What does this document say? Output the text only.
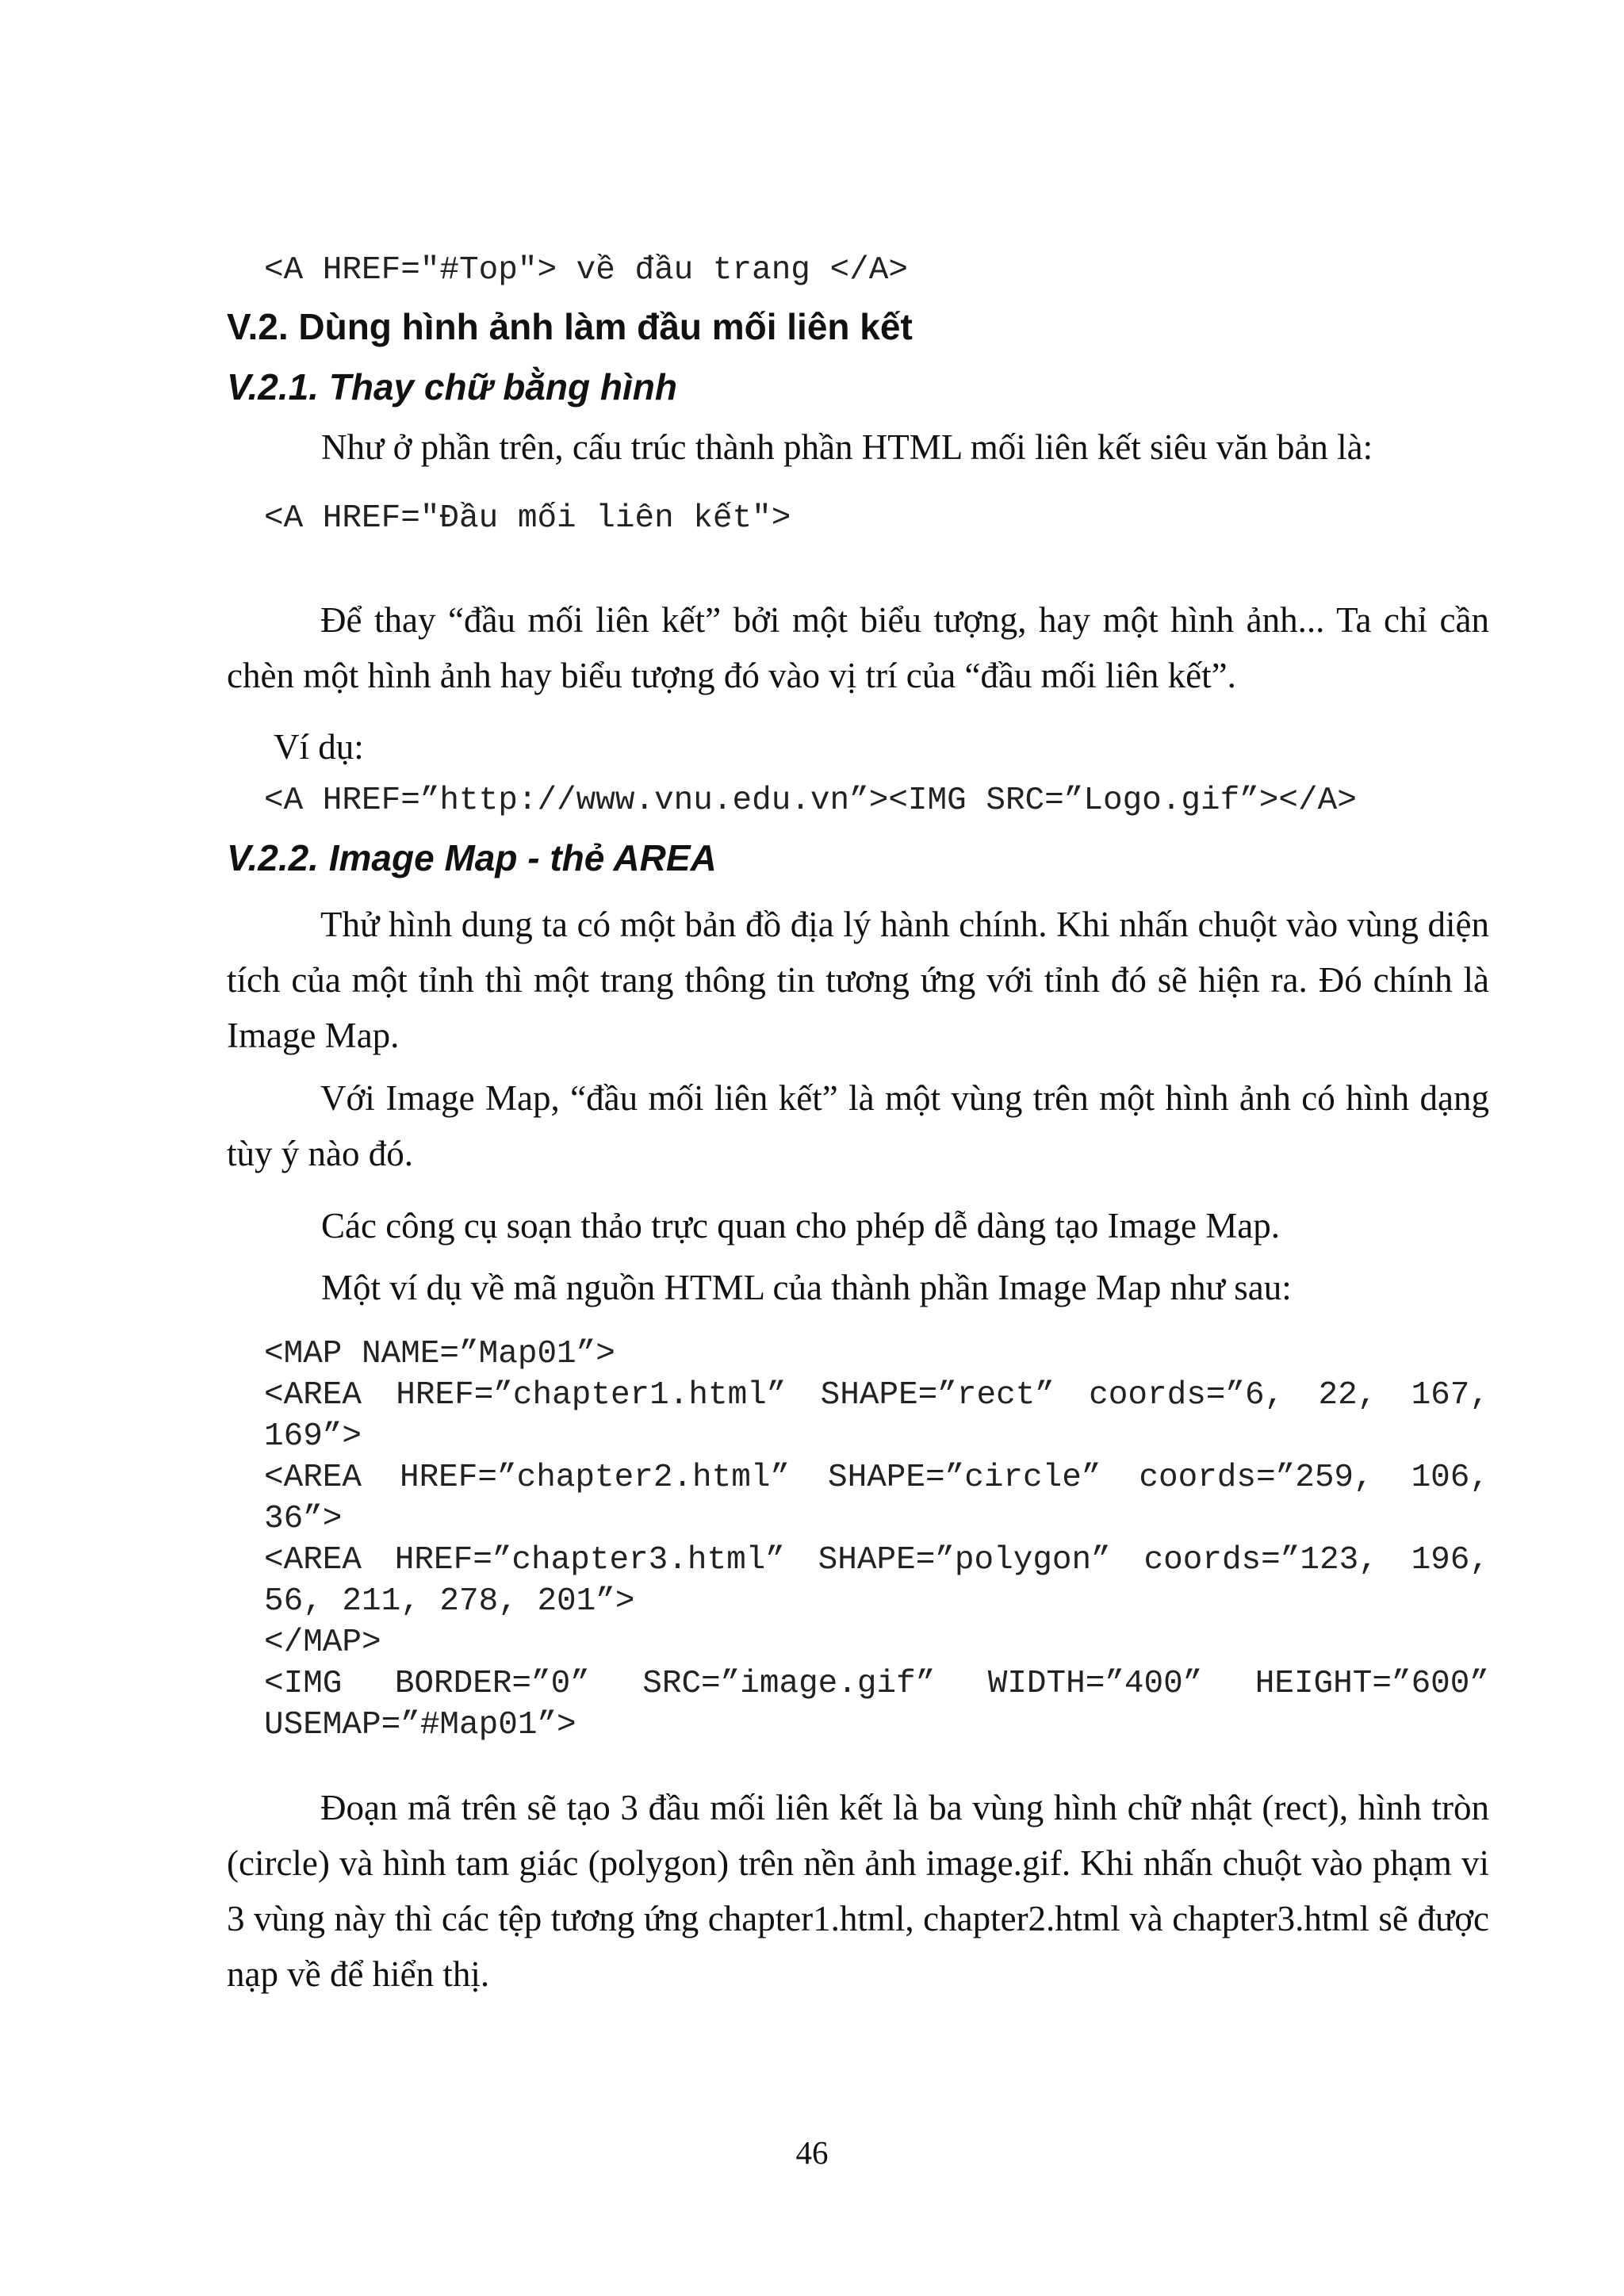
<A HREF="#Top"> về đầu trang </A>
V.2. Dùng hình ảnh làm đầu mối liên kết
V.2.1. Thay chữ bằng hình
Như ở phần trên, cấu trúc thành phần HTML mối liên kết siêu văn bản là:
<A HREF="Đầu mối liên kết">
Để thay “đầu mối liên kết” bởi một biểu tượng, hay một hình ảnh... Ta chỉ cần chèn một hình ảnh hay biểu tượng đó vào vị trí của “đầu mối liên kết”.
Ví dụ:
<A HREF=”http://www.vnu.edu.vn”><IMG SRC=”Logo.gif”></A>
V.2.2. Image Map - thẻ AREA
Thử hình dung ta có một bản đồ địa lý hành chính. Khi nhấn chuột vào vùng diện tích của một tỉnh thì một trang thông tin tương ứng với tỉnh đó sẽ hiện ra. Đó chính là Image Map.
Với Image Map, “đầu mối liên kết” là một vùng trên một hình ảnh có hình dạng tùy ý nào đó.
Các công cụ soạn thảo trực quan cho phép dễ dàng tạo Image Map.
Một ví dụ về mã nguồn HTML của thành phần Image Map như sau:
<MAP NAME=”Map01”>
<AREA HREF=”chapter1.html” SHAPE=”rect” coords=”6, 22, 167,
169”>
<AREA HREF=”chapter2.html” SHAPE=”circle” coords=”259, 106,
36”>
<AREA HREF=”chapter3.html” SHAPE=”polygon” coords=”123, 196,
56, 211, 278, 201”>
</MAP>
<IMG BORDER=”0” SRC=”image.gif” WIDTH=”400” HEIGHT=”600”
USEMAP=”#Map01”>
Đoạn mã trên sẽ tạo 3 đầu mối liên kết là ba vùng hình chữ nhật (rect), hình tròn (circle) và hình tam giác (polygon) trên nền ảnh image.gif. Khi nhấn chuột vào phạm vi 3 vùng này thì các tệp tương ứng chapter1.html, chapter2.html và chapter3.html sẽ được nạp về để hiển thị.
46
